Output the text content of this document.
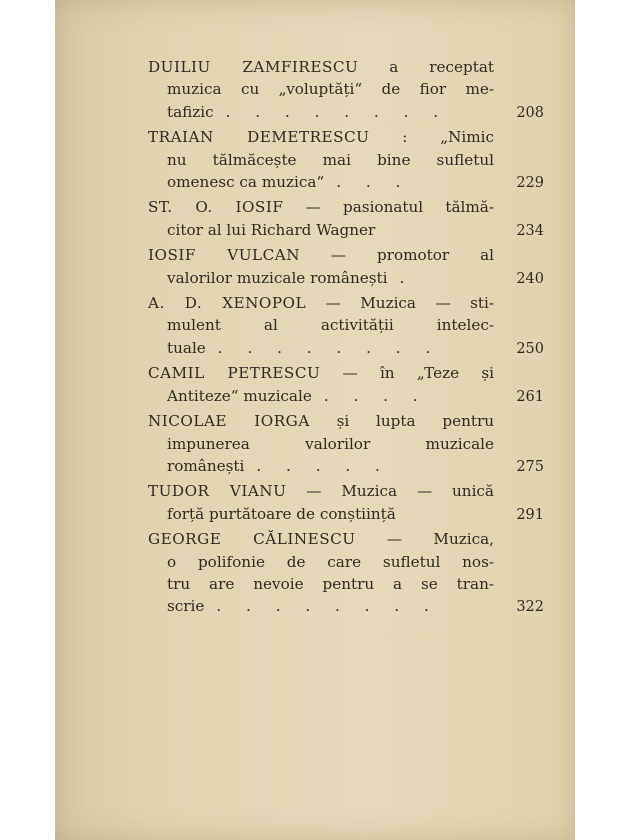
DUILIU ZAMFIRESCU a receptat
muzica cu „voluptăți“ de fior me-
tafizic . . . . . . . .	208
TRAIAN DEMETRESCU : „Nimic
nu tălmăcește mai bine sufletul
omenesc ca muzica“ . . .	229
ST. O. IOSIF — pasionatul tălmă-
citor al lui Richard Wagner	234
IOSIF VULCAN — promotor al
valorilor muzicale românești .	240
A. D. XENOPOL — Muzica — sti-
mulent al activității intelec-
tuale . . . . . . . .	250
CAMIL PETRESCU — în „Teze și
Antiteze“ muzicale . . . .	261
NICOLAE IORGA și lupta pentru
impunerea valorilor muzicale
românești . . . . .	275
TUDOR VIANU — Muzica — unică
forță purtătoare de conștiință	291
GEORGE CĂLINESCU — Muzica,
o polifonie de care sufletul nos-
tru are nevoie pentru a se tran-
scrie . . . . . . . .	322
